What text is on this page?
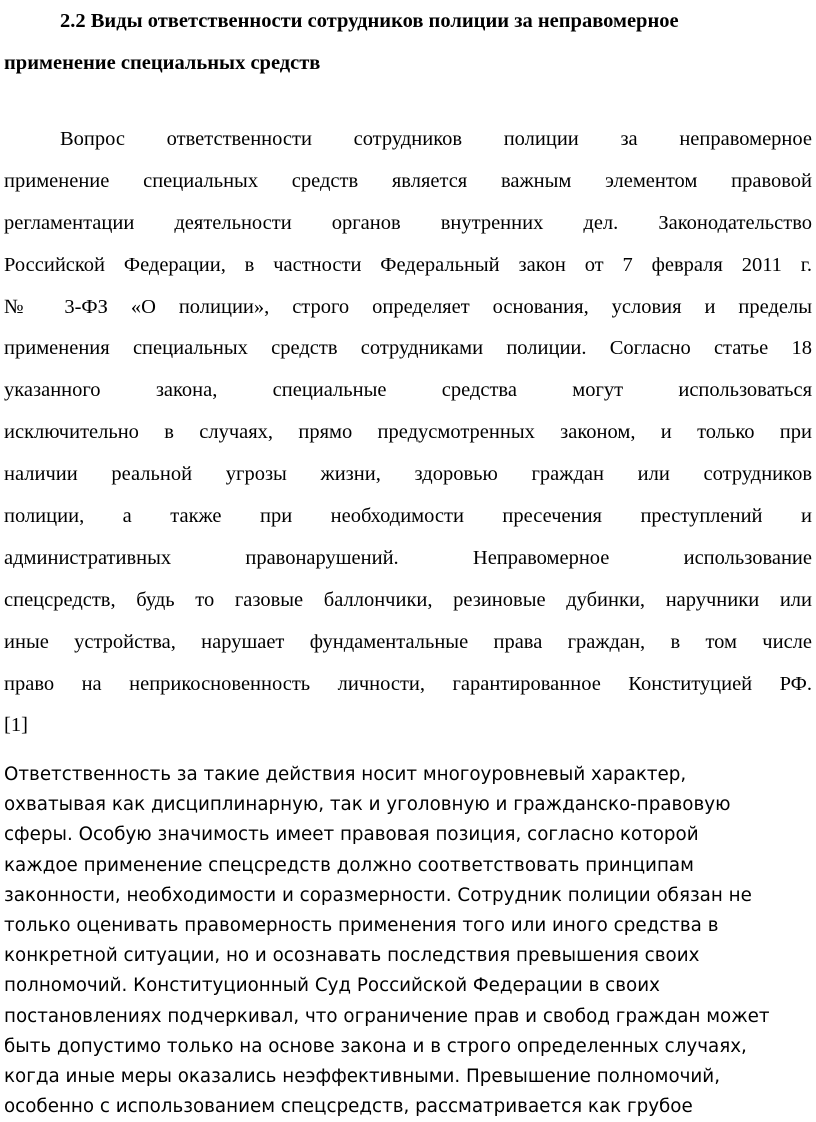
2.2 Виды ответственности сотрудников полиции за неправомерное
применение специальных средств
Вопрос ответственности сотрудников полиции за неправомерное
применение специальных средств является важным элементом правовой
регламентации деятельности органов внутренних дел. Законодательство
Российской Федерации, в частности Федеральный закон от 7 февраля 2011 г.
№ 3-ФЗ «О полиции», строго определяет основания, условия и пределы
применения специальных средств сотрудниками полиции. Согласно статье 18
указанного закона, специальные средства могут использоваться
исключительно в случаях, прямо предусмотренных законом, и только при
наличии реальной угрозы жизни, здоровью граждан или сотрудников
полиции, а также при необходимости пресечения преступлений и
административных правонарушений. Неправомерное использование
спецсредств, будь то газовые баллончики, резиновые дубинки, наручники или
иные устройства, нарушает фундаментальные права граждан, в том числе
право на неприкосновенность личности, гарантированное Конституцией РФ.
[1]
Ответственность за такие действия носит многоуровневый характер,
охватывая как дисциплинарную, так и уголовную и гражданско-правовую
сферы. Особую значимость имеет правовая позиция, согласно которой
каждое применение спецсредств должно соответствовать принципам
законности, необходимости и соразмерности. Сотрудник полиции обязан не
только оценивать правомерность применения того или иного средства в
конкретной ситуации, но и осознавать последствия превышения своих
полномочий. Конституционный Суд Российской Федерации в своих
постановлениях подчеркивал, что ограничение прав и свобод граждан может
быть допустимо только на основе закона и в строго определенных случаях,
когда иные меры оказались неэффективными. Превышение полномочий,
особенно с использованием спецсредств, рассматривается как грубое
